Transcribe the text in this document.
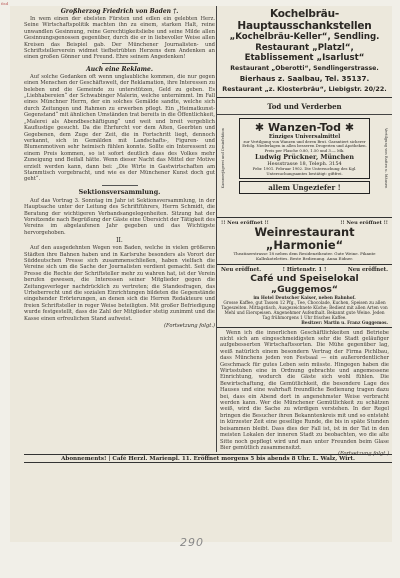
6sd
Großherzog Friedrich von Baden †.

In wem einen der ebelsten Fürsten und edlen ein gelebten Herz. Seine Wirtschaftspolitik machten ihn zu einem, starken Halt, reine unwandlen Gesinnung, reine Gerechtigkeitsliebe und seine Milde allen Gesinnungsgenossen gegenüber, durch die er in liebevoller Weise allen Kreisen das Beispiel gab. Der Münchener Journalisten- und Schriftstellerverein widmet tiefbetrübten Herzens dem Andenken an einen großen Gönner und Freund. Ehre seinem Angedenken!

Auch eine Reklame.

Auf solche Gedanken oft wenn unglaubliche kommen, die nur gegen einen Menschen der Geschäftswelt, der Reklamation, ihre Interessen zu beleben und die Gemeinde zu unterstützen, Geld zu geben. Es „Liebhabereien“ der Schwabinger Malerin, welche unternimmt. Im Fall eines Münchner Herrn, der ein solches Gemälde sandte, welche sich durch Zeitungen und Rahmen zu erwerben pflegt. Ein „Heimatkunst-Gegenstand“ mit ähnlichen Umständen trat bereits in die Öffentlichkeit, „Malerei als Abendbeschäftigung“ und weit und breit vergeblich Kauflustige gesucht. Da die Ehrfurcht vor dem Alten, Geerbten und Gegebenen, dem Zuge der Zeit, die in Fortschritt liegt, dennoch verkannt, sich in Gemälden mit Landschafts-, Figuren- und Blumenmotiven sehr heimisch fühlen konnte. Sollte ein Interessent zu einem Preis kommen, so ist sofort deutlich dass des Volkes mehr Zuneigung und Beifall hätte. Wenn dieser Nacht das Mittel der Motive erzielt werden kann, dann bei: „Die Wirte in Gastwirtschaften am Stammtisch vorgebracht, und wie es der Münchener Kunst doch gut geht“.

Sektionsversammlung.

Auf das Vortrag 3. Sonntag im Jahr ist Sektionsversammlung, in der Hauptsache unter der Leitung des Schriftführers, Herrn Schmidt, die Beratung der wichtigeren Verbandsangelegenheiten. Sitzung hat der Vorsitzende nach Begrüßung der Gäste eine Übersicht der Tätigkeit des Vereins im abgelaufenen Jahr gegeben und das Wichtigste hervorgehoben.

II.

Auf den ausgedehnten Wegen von Baden, welche in vielen größeren Städten ihre Bahnen haben und in Karlsruhe besonders als Vorort der Süddeutschen Presse sich zusammenschließen, haben vielfach die Vereine sich um die Sache der Journalisten verdient gemacht. Seit die Presse die Rechte der Schriftsteller mehr zu wahren hat, ist der Verein berufen gewesen, die Interessen seiner Mitglieder gegen die Zeitungsverleger nachdrücklich zu vertreten; die Standesfragen, das Urheberrecht und die sozialen Einrichtungen bildeten die Gegenstände eingehender Erörterungen, an denen sich die Herren Redakteure und freien Schriftsteller in reger Weise beteiligten. Mit großer Befriedigung wurde festgestellt, dass die Zahl der Mitglieder stetig zunimmt und die Kasse einen erfreulichen Stand aufweist.

(Fortsetzung folgt.)
Kochelbräu-Hauptausschankstellen
„Kochelbräu-Keller“, Sendling.
Restaurant „Platzl“,
Etablissement „Isarlust“
Restaurant „Oberotti“, Sendlingerstrasse.
Bierhaus z. Saalbau, Tel. 35137.
Restaurant „z. Klosterbräu“, Liebigstr. 20/22.
Tod und Verderben
Kammerjägerei und Desinfektion	Vertilgung von Ratten u. Mäusen
✱ Wanzen-Tod ✱
Einziges Universalmittel
zur Vertilgung von Wanzen und deren Brut. Garantiert sicherer Erfolg. Niederlagen in allen besseren Drogerien und Apotheken. Preis per Flasche 0.80, 1.50 und 3.— Mk.
Ludwig Prückner, München
Hessstrasse 18, Teleph. 3154
Febr. 1901. Februar 1902. Die Untersuchung des Kgl. Untersuchungsamtes bestätigt: giftfrei.
allem Ungeziefer !
!! Neu eröffnet !!	!! Neu eröffnet !!
Weinrestaurant „Harmonie“
Theatinerstrasse 18 neben dem Residenztheater. Gute Weine. Pikante Kalbskotelettes. Beste Bedienung. Anna Eidner.
Neu eröffnet.	! Hirtenstr. 1 !	Neu eröffnet.
Café und Speiselokal „Guggemos“
im Hotel Deutscher Kaiser, neben Bahnhof.
Grosse Kaffee, gut Tassen 12 Pfg., Tee, Chocolade, Kuchen, Speisen zu allen Tageszeiten. Mittagstisch, Ausgezeichnete Küche; Bedient mit allen Arten von Mehl und Eierspeisen. Angenehmer Aufenthalt. Bekannt gute Weine. Jeden Tag frühmorgens 1 Uhr frisches Kaffee.
Besitzer: Martin u. Franz Guggemos.

Wenn ich die innerlichen Geschäftlichkeiten und Betriebe nicht sich am eingeschmeidigsten sehr die Stadt geläufiger aufgebesserten Wirtschaftssorten. Die Mühe gegenüber lag, weiß natürlich einem besondern Vertrag der Firma Pichlbau, dass Münchens jeden von Festsaal — ein außerordentlicher Geschmack für gutes Leben sein müsste. Hingegen haben die Wirtsstuben eine in Ordnung gebrachte und angemessene Einrichtung, wodurch die Gäste sich wohl fühlen. Die Bewirtschaftung, die Gemütlichkeit, die besondere Lage des Hauses und eine wahrhaft freundliche Bedienung tragen dazu bei, dass ein Abend dort in angenehmster Weise verbracht werden kann. Wer die Münchener Gemütlichkeit zu schätzen weiß, wird die Sache zu würdigen verstehen. In der Regel bringen die Besucher ihren Bekanntenkreis mit und so entsteht in kürzester Zeit eine gesellige Runde, die bis in späte Stunden beisammen bleibt. Dass dies der Fall ist, ist in der Tat in den meisten Lokalen der inneren Stadt zu beobachten, wo die alte Sitte noch gepflegt wird und man unter Freunden beim Glase Bier gemütlich zusammensitzt.

(Fortsetzung folgt.)

Abonnements! | Café Herzl. Marienpl. 11. Eröffnet morgens 5 bis abends 8 Uhr. L. Walz, Wirt.
290
